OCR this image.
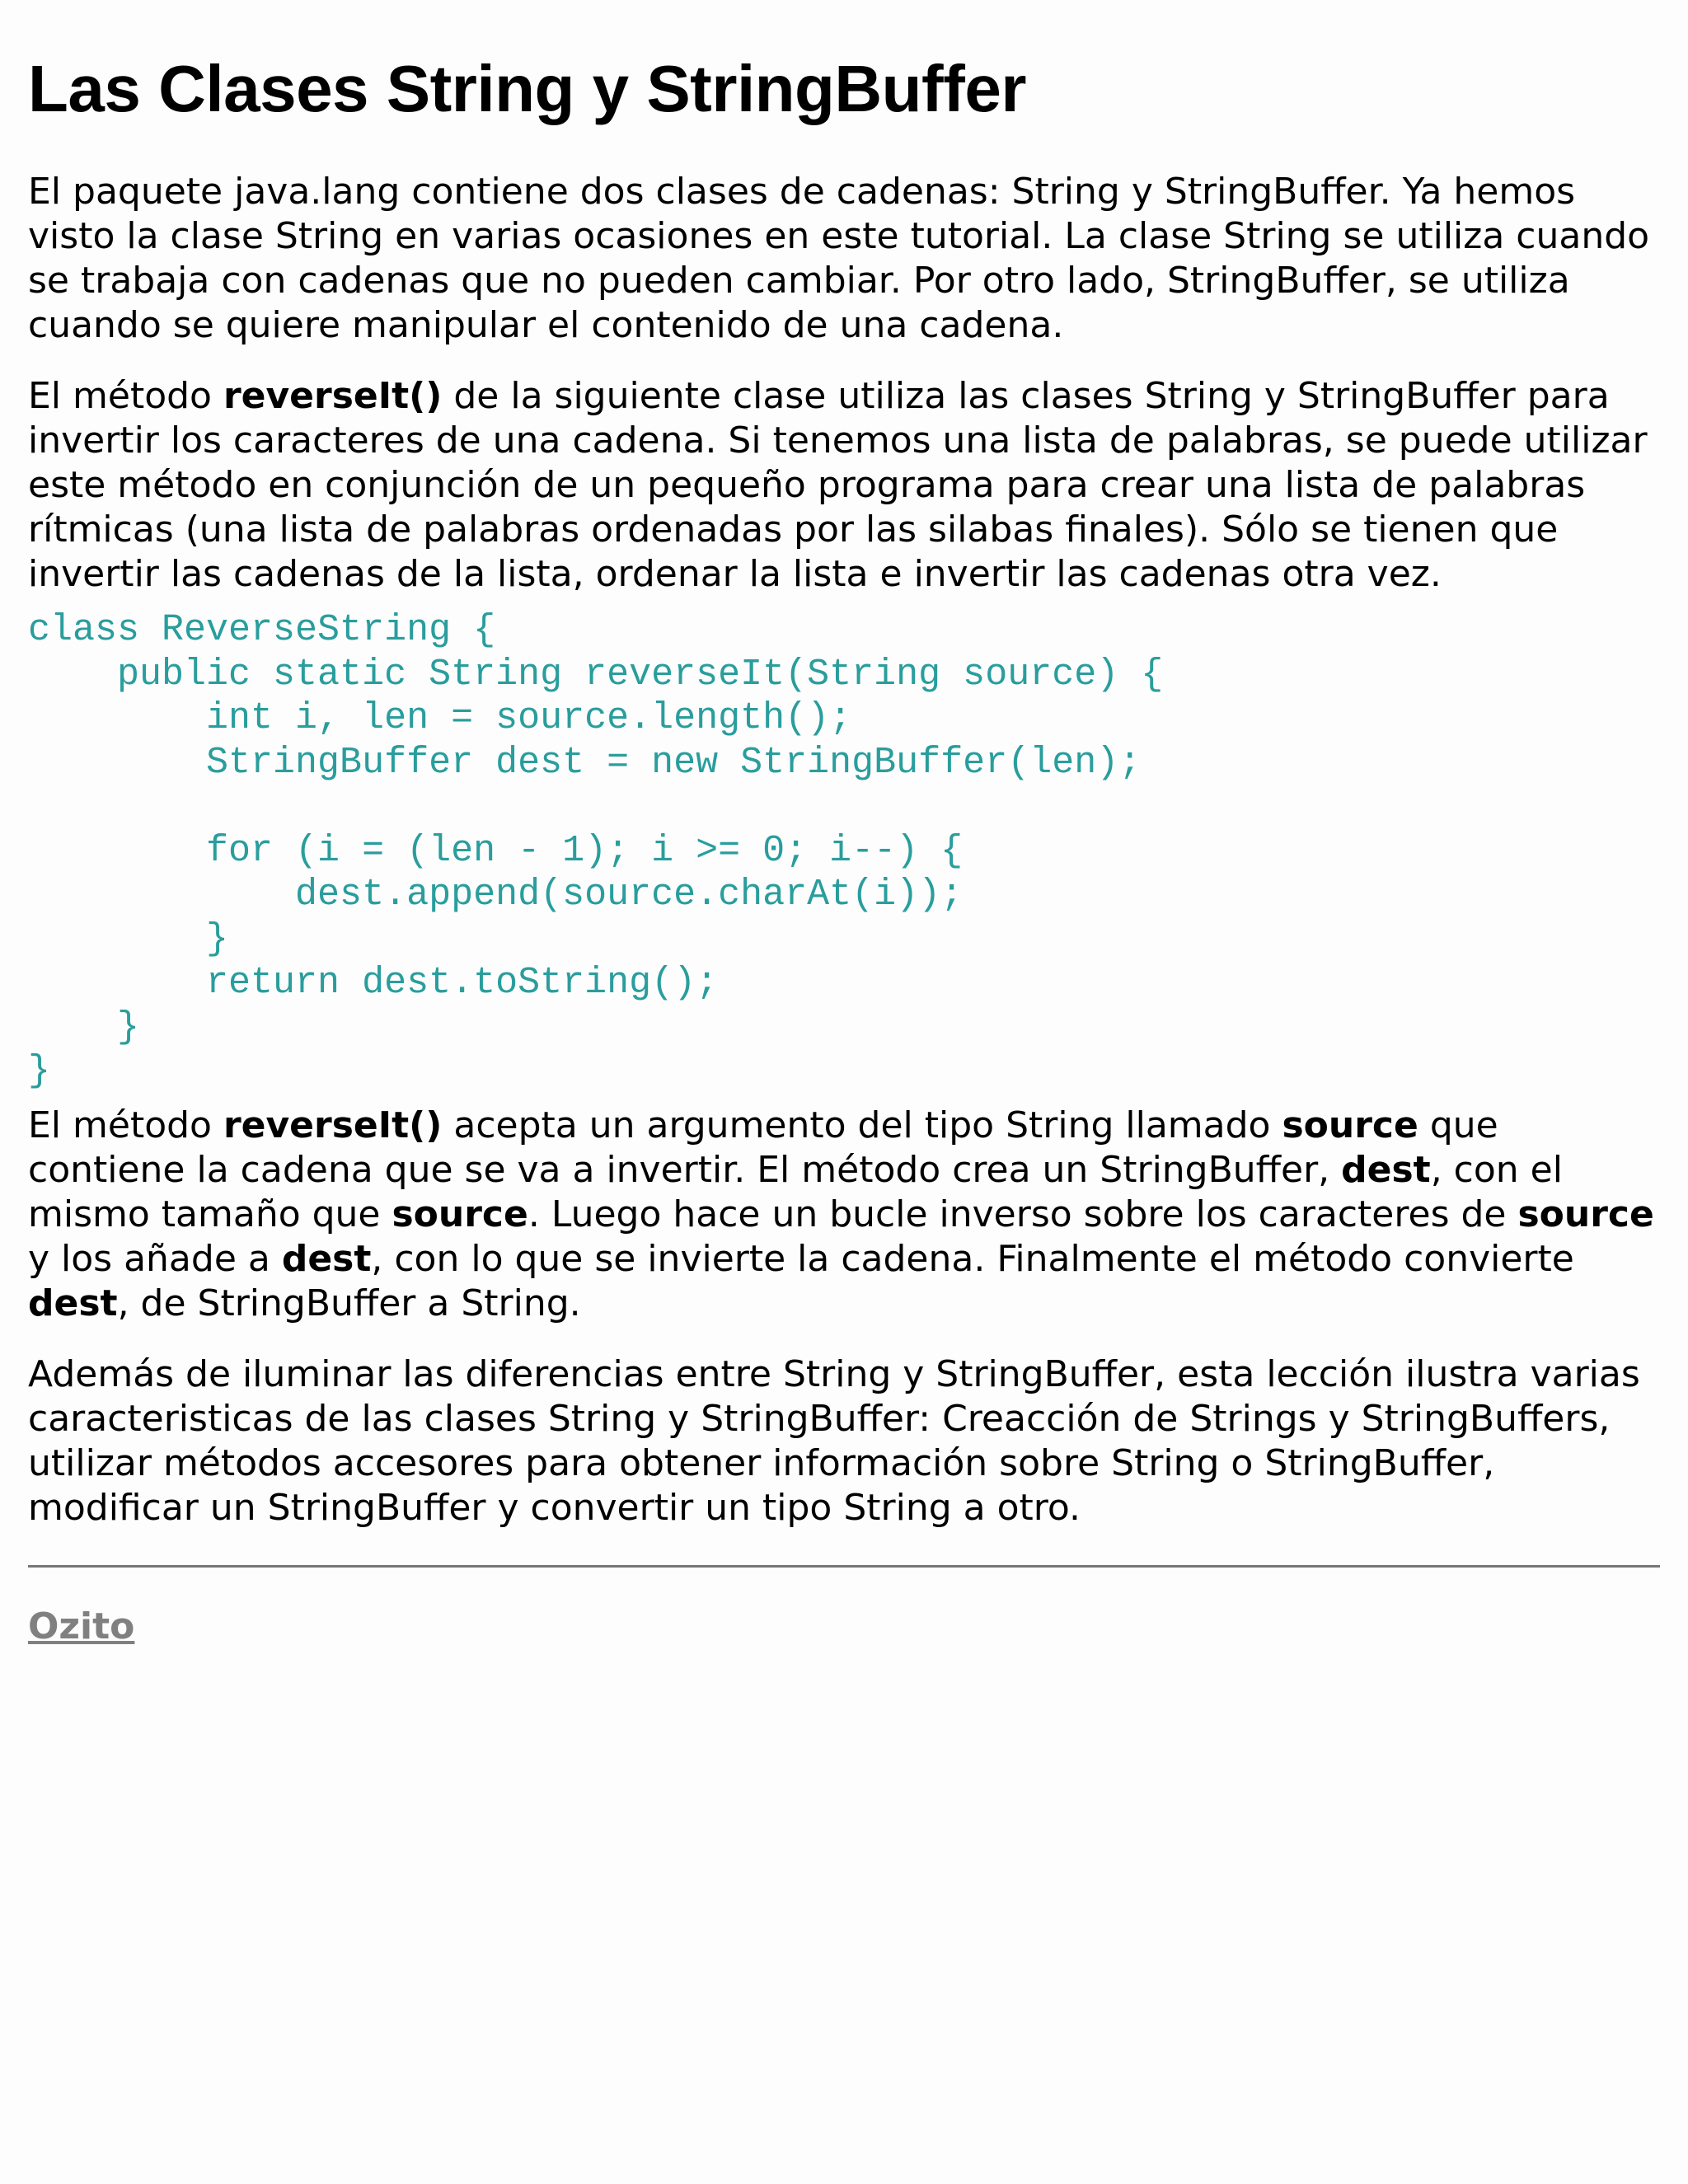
Las Clases String y StringBuffer

El paquete java.lang contiene dos clases de cadenas: String y StringBuffer. Ya hemos visto la clase String en varias ocasiones en este tutorial. La clase String se utiliza cuando se trabaja con cadenas que no pueden cambiar. Por otro lado, StringBuffer, se utiliza cuando se quiere manipular el contenido de una cadena.

El método reverseIt() de la siguiente clase utiliza las clases String y StringBuffer para invertir los caracteres de una cadena. Si tenemos una lista de palabras, se puede utilizar este método en conjunción de un pequeño programa para crear una lista de palabras rítmicas (una lista de palabras ordenadas por las silabas finales). Sólo se tienen que invertir las cadenas de la lista, ordenar la lista e invertir las cadenas otra vez.

class ReverseString {
public static String reverseIt(String source) {
int i, len = source.length();
StringBuffer dest = new StringBuffer(len);

for (i = (len - 1); i >= 0; i--) {
dest.append(source.charAt(i));
}
return dest.toString();
}
}

El método reverseIt() acepta un argumento del tipo String llamado source que contiene la cadena que se va a invertir. El método crea un StringBuffer, dest, con el mismo tamaño que source. Luego hace un bucle inverso sobre los caracteres de source y los añade a dest, con lo que se invierte la cadena. Finalmente el método convierte dest, de StringBuffer a String.

Además de iluminar las diferencias entre String y StringBuffer, esta lección ilustra varias caracteristicas de las clases String y StringBuffer: Creacción de Strings y StringBuffers, utilizar métodos accesores para obtener información sobre String o StringBuffer, modificar un StringBuffer y convertir un tipo String a otro.

Ozito
